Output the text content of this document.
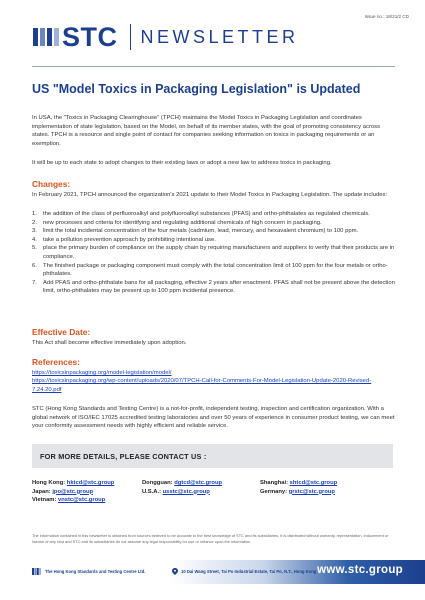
Issue no.: 18/21/2 CD
STC NEWSLETTER
US "Model Toxics in Packaging Legislation" is Updated
In USA, the "Toxics in Packaging Clearinghouse" (TPCH) maintains the Model Toxics in Packaging Legislation and coordinates implementation of state legislation, based on the Model, on behalf of its member states, with the goal of promoting consistency across states. TPCH is a resource and single point of contact for companies seeking information on toxics in packaging requirements or an exemption.
It will be up to each state to adopt changes to their existing laws or adopt a new law to address toxics in packaging.
Changes:
In February 2021, TPCH announced the organization's 2021 update to their Model Toxics in Packaging Legislation. The update includes:
1.	the addition of the class of perfluoroalkyl and polyfluoroalkyl substances (PFAS) and ortho-phthalates as regulated chemicals.
2.	new processes and criteria for identifying and regulating additional chemicals of high concern in packaging.
3.	limit the total incidental concentration of the four metals (cadmium, lead, mercury, and hexavalent chromium) to 100 ppm.
4.	take a pollution prevention approach by prohibiting intentional use.
5.	place the primary burden of compliance on the supply chain by requiring manufacturers and suppliers to verify that their products are in compliance.
6.	The finished package or packaging component must comply with the total concentration limit of 100 ppm for the four metals or ortho-phthalates.
7.	Add PFAS and ortho-phthalate bans for all packaging, effective 2 years after enactment. PFAS shall not be present above the detection limit, ortho-phthalates may be present up to 100 ppm incidental presence.
Effective Date:
This Act shall become effective immediately upon adoption.
References:
https://toxicsinpackaging.org/model-legislation/model/
https://toxicsinpackaging.org/wp-content/uploads/2020/07/TPCH-Call-for-Comments-For-Model-Legislation-Update-2020-Revised-7.24.20.pdf
STC (Hong Kong Standards and Testing Centre) is a not-for-profit, independent testing, inspection and certification organization. With a global network of ISO/IEC 17025 accredited testing laboratories and over 50 years of experience in consumer product testing, we can meet your conformity assessment needs with highly efficient and reliable service.
FOR MORE DETAILS, PLEASE CONTACT US :
Hong Kong: hktcd@stc.group
Japan: jpo@stc.group
Vietnam: vnstc@stc.group
Dongguan: dgtcd@stc.group
U.S.A.: usstc@stc.group
Shanghai: shtcd@stc.group
Germany: grstc@stc.group
The information contained in this newsletter is obtained from sources believed to be accurate to the best knowledge of STC and its subsidiaries. It is distributed without warranty, representation, inducement or license of any kind and STC and its subsidiaries do not assume any legal responsibility for use or reliance upon the information.
The Hong Kong Standards and Testing Centre Ltd.	10 Dai Wang Street, Tai Po Industrial Estate, Tai Po, N.T., Hong Kong www.stc.group
